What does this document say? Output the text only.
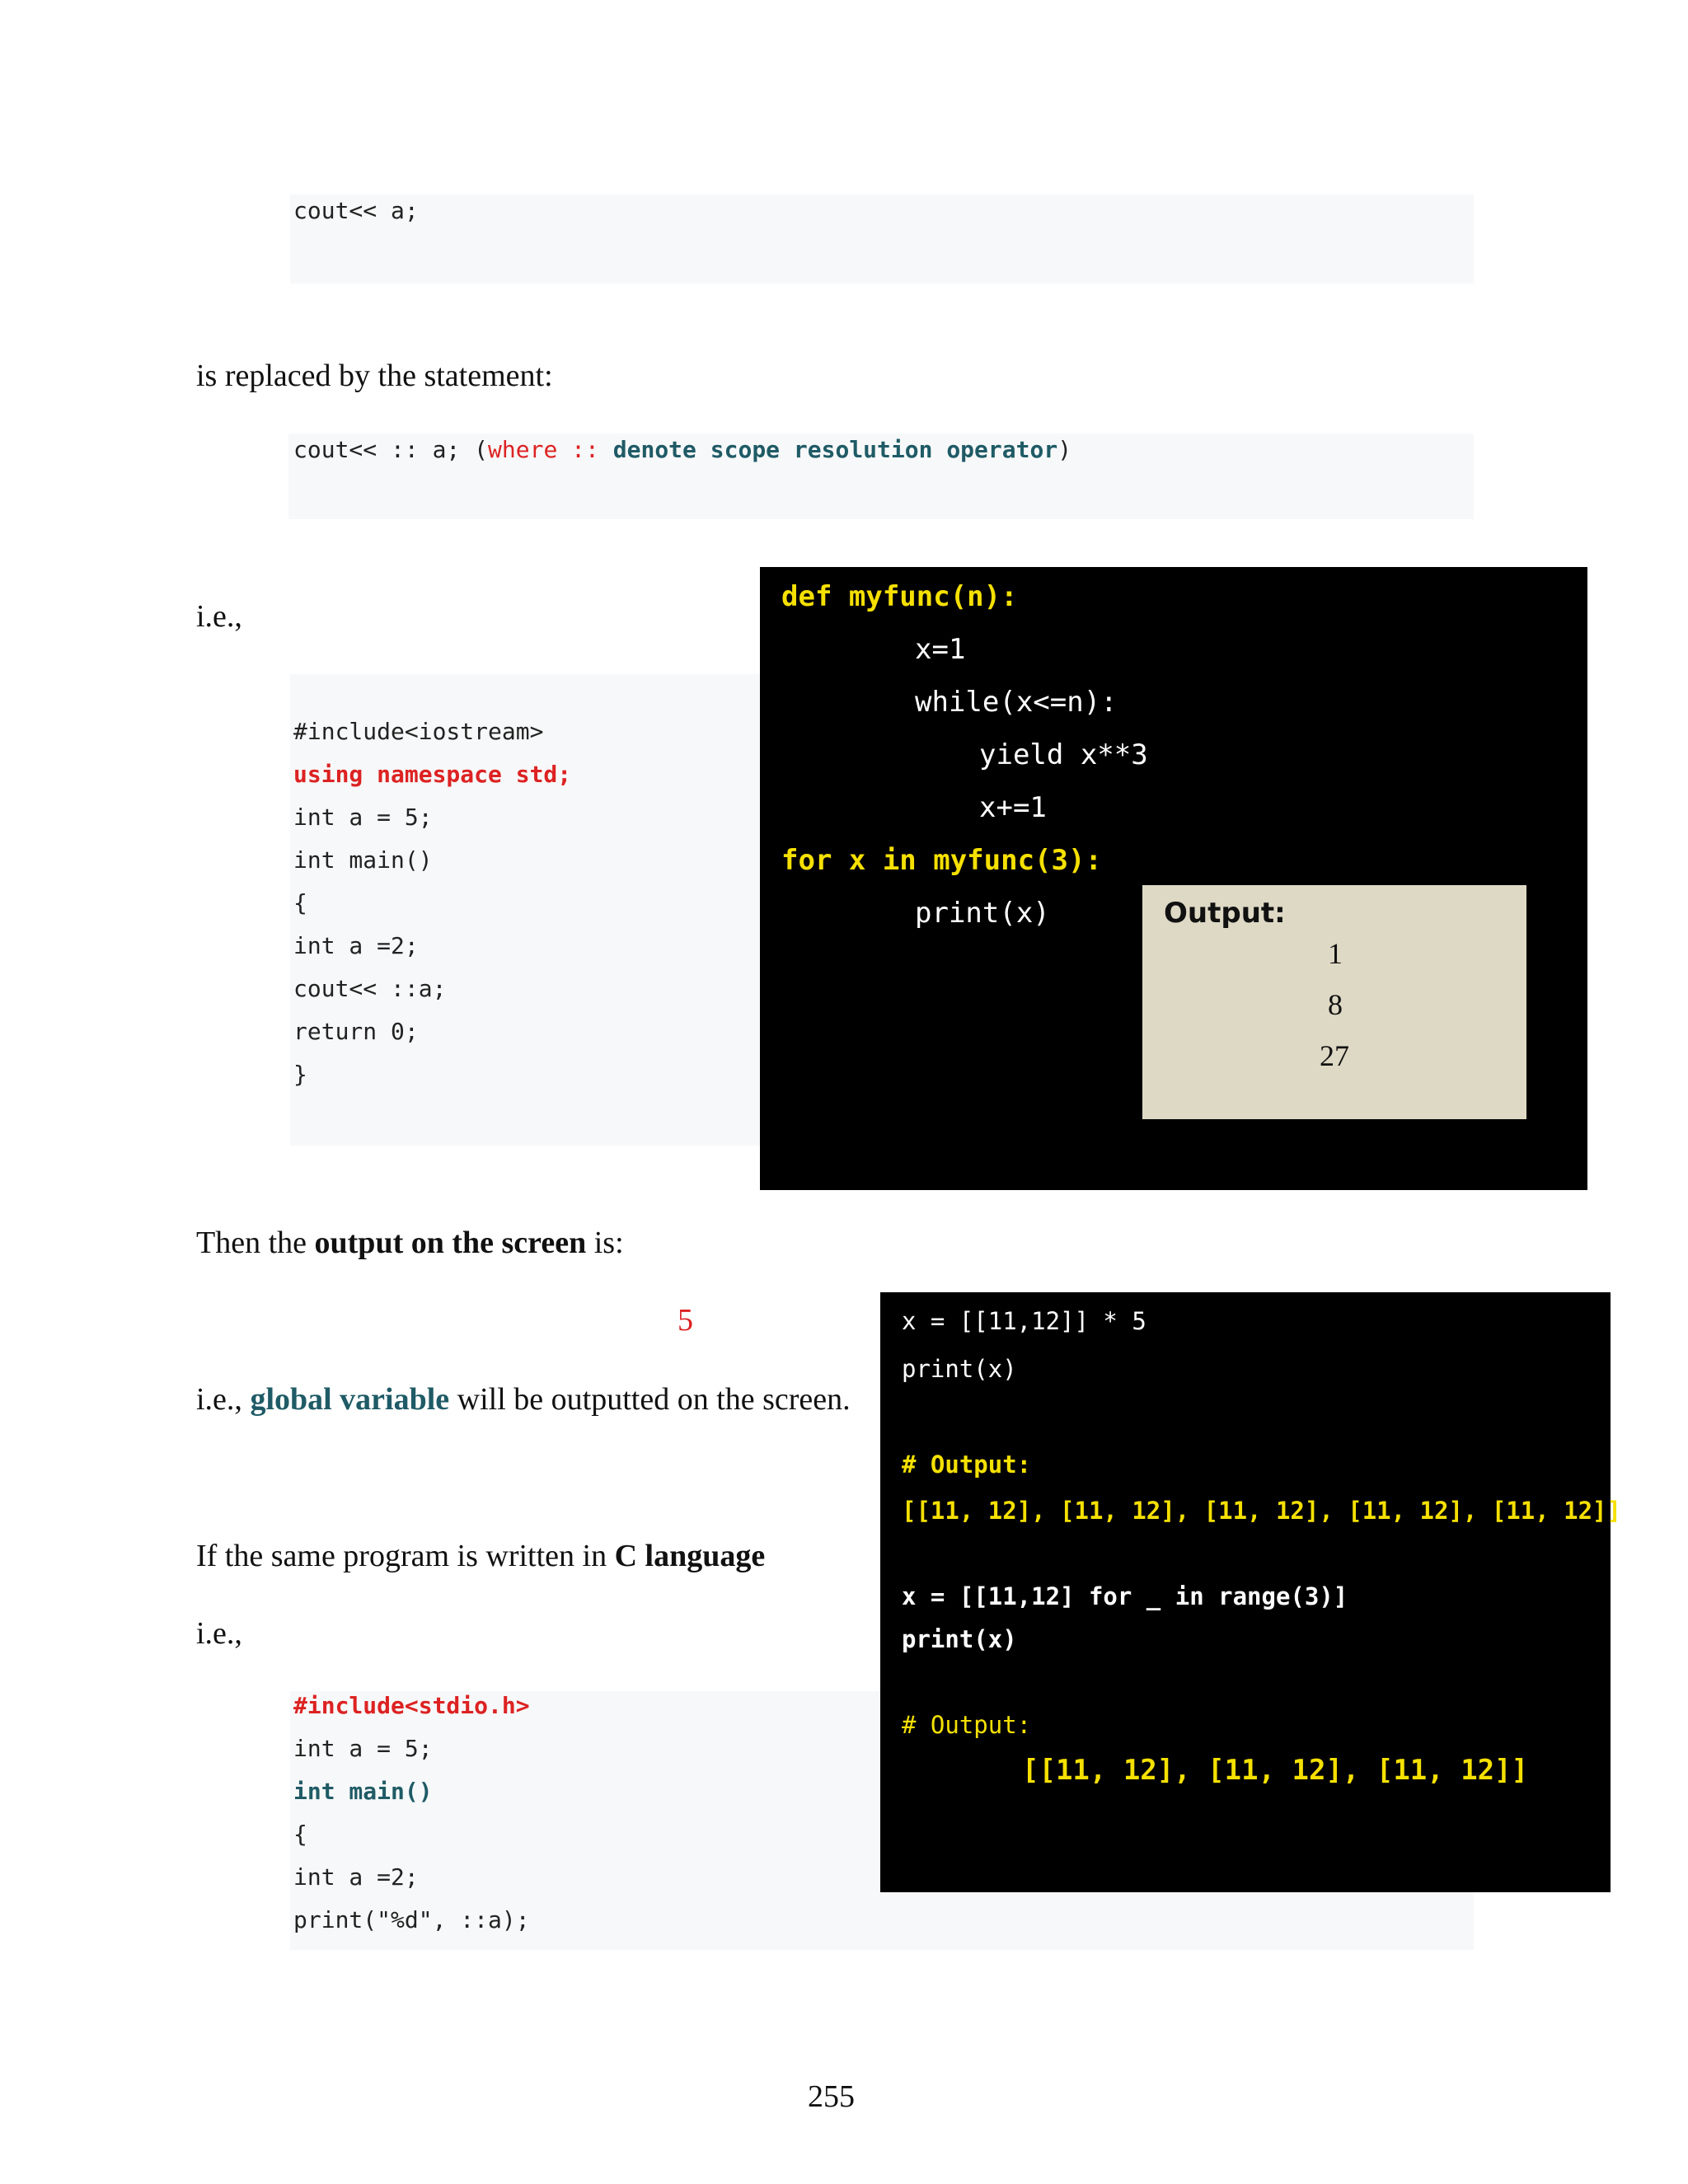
cout<< a;
is replaced by the statement:
cout<< :: a; (where :: denote scope resolution operator)
i.e.,
#include<iostream>
using namespace std;
int a = 5;
int main()
{
int a =2;
cout<< ::a;
return 0;
}
def myfunc(n):
x=1
while(x<=n):
yield x**3
x+=1
for x in myfunc(3):
print(x)	Output:
1
8
27
Then the output on the screen is:
5
i.e., global variable will be outputted on the screen.
If the same program is written in C language
i.e.,
#include<stdio.h>
int a = 5;
int main()
{
int a =2;
print("%d", ::a);
x = [[11,12]] * 5
print(x)
# Output:
[[11, 12], [11, 12], [11, 12], [11, 12], [11, 12]]
x = [[11,12] for _ in range(3)]
print(x)
# Output:
[[11, 12], [11, 12], [11, 12]]
255
